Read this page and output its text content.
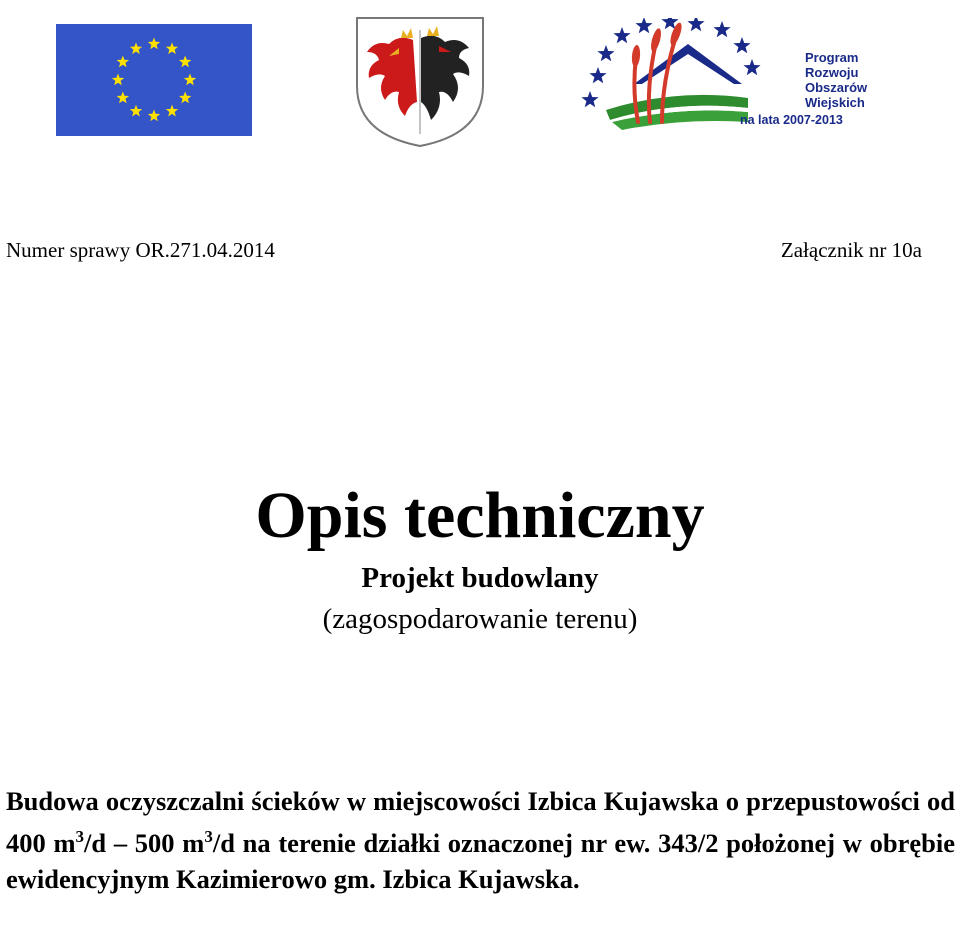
Program
Rozwoju
Obszarów
Wiejskich
na lata 2007-2013
Numer sprawy OR.271.04.2014	Załącznik nr 10a
Opis techniczny
Projekt budowlany
(zagospodarowanie terenu)

Budowa oczyszczalni ścieków w miejscowości Izbica Kujawska o przepustowości od 400 $m^3/d - 500$ $m^3/d$ na terenie działki oznaczonej nr ew. 343/2 położonej w obrębie ewidencyjnym Kazimierowo gm. Izbica Kujawska.
